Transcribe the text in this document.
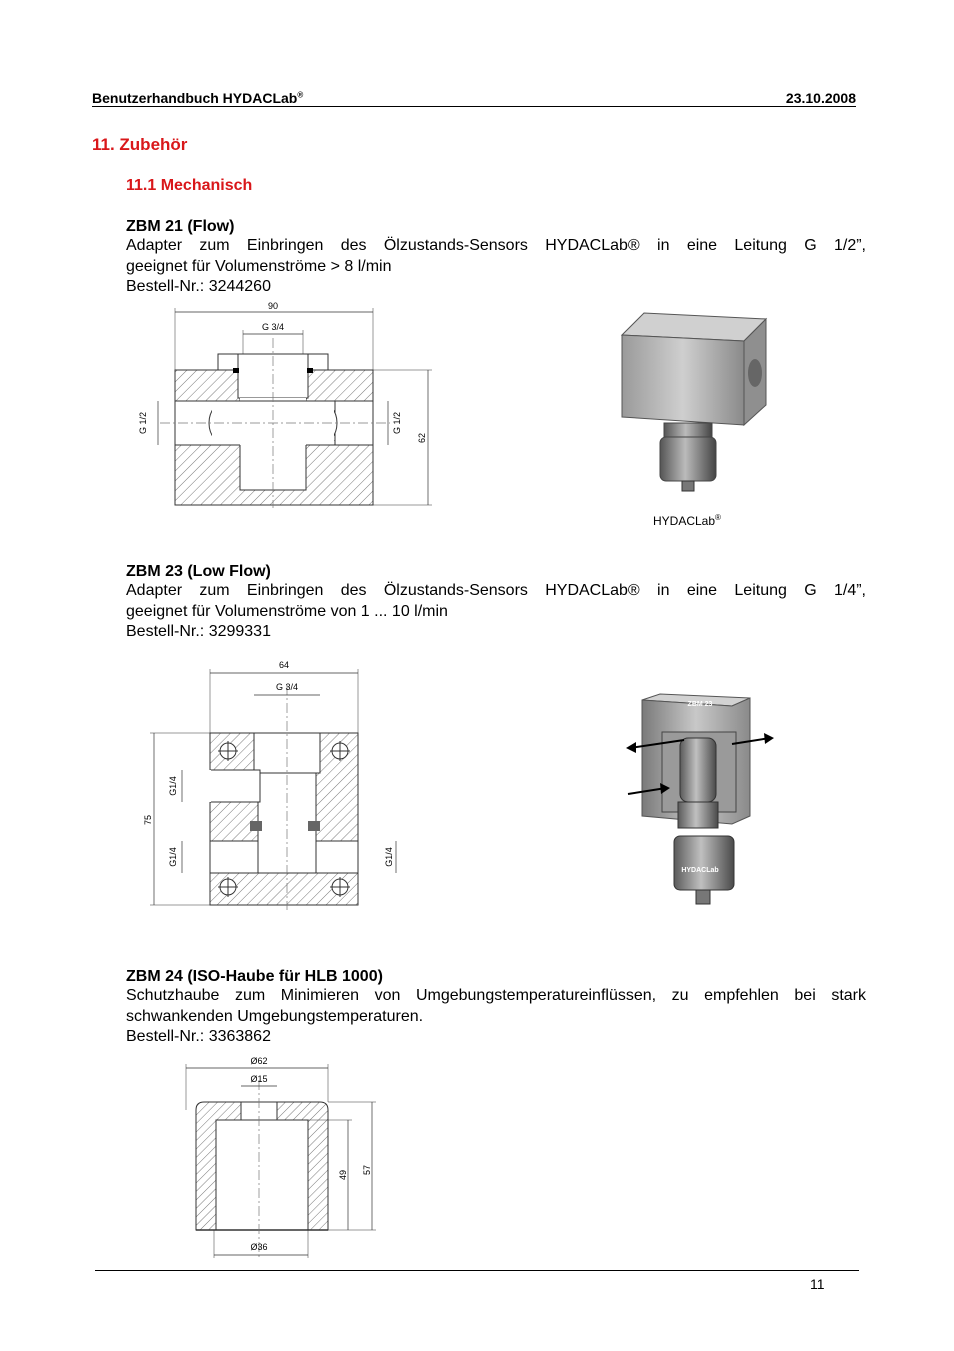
Benutzerhandbuch HYDACLab®	23.10.2008
11. Zubehör
11.1 Mechanisch
ZBM 21 (Flow)
Adapter zum Einbringen des Ölzustands-Sensors HYDACLab® in eine Leitung G 1/2”,
geeignet für Volumenströme > 8 l/min
Bestell-Nr.: 3244260
90
G 3/4
G 1/2	G 1/2
62
HYDACLab®
ZBM 23 (Low Flow)
Adapter zum Einbringen des Ölzustands-Sensors HYDACLab® in eine Leitung G 1/4”,
geeignet für Volumenströme von 1 ... 10 l/min
Bestell-Nr.: 3299331
64
G 3/4
G1/4
G1/4	G1/4
75
ZBM 23
HYDACLab
ZBM 24 (ISO-Haube für HLB 1000)
Schutzhaube zum Minimieren von Umgebungstemperatureinflüssen, zu empfehlen bei stark
schwankenden Umgebungstemperaturen.
Bestell-Nr.: 3363862
Ø62
Ø15
Ø36
49 57
11
